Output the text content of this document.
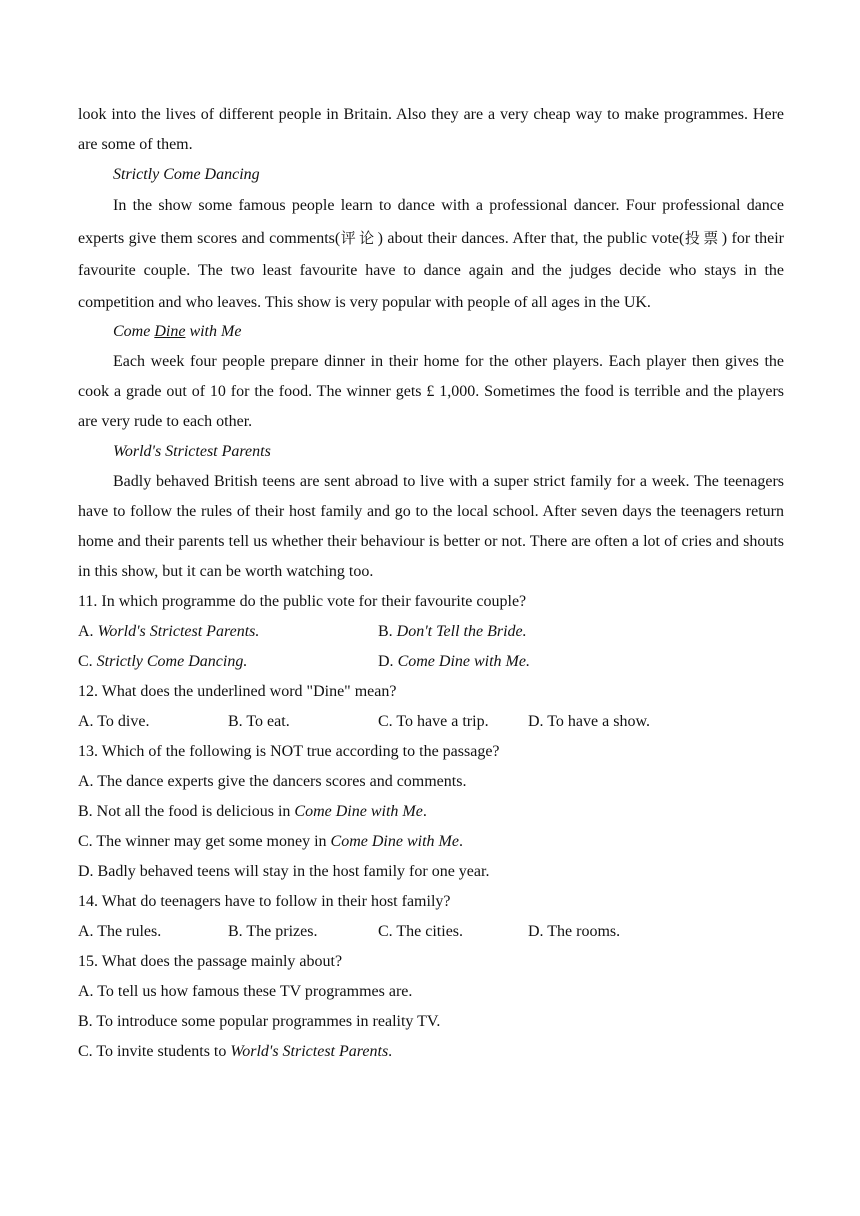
look into the lives of different people in Britain. Also they are a very cheap way to make programmes. Here are some of them.

Strictly Come Dancing

In the show some famous people learn to dance with a professional dancer. Four professional dance experts give them scores and comments(评论) about their dances. After that, the public vote(投票) for their favourite couple. The two least favourite have to dance again and the judges decide who stays in the competition and who leaves. This show is very popular with people of all ages in the UK.

Come Dine with Me

Each week four people prepare dinner in their home for the other players. Each player then gives the cook a grade out of 10 for the food. The winner gets £ 1,000. Sometimes the food is terrible and the players are very rude to each other.

World's Strictest Parents

Badly behaved British teens are sent abroad to live with a super strict family for a week. The teenagers have to follow the rules of their host family and go to the local school. After seven days the teenagers return home and their parents tell us whether their behaviour is better or not. There are often a lot of cries and shouts in this show, but it can be worth watching too.

11. In which programme do the public vote for their favourite couple?

A. World's Strictest Parents.	B. Don't Tell the Bride.
C. Strictly Come Dancing.	D. Come Dine with Me.

12. What does the underlined word "Dine" mean?

A. To dive.	B. To eat.	C. To have a trip.	D. To have a show.

13. Which of the following is NOT true according to the passage?

A. The dance experts give the dancers scores and comments.

B. Not all the food is delicious in Come Dine with Me.

C. The winner may get some money in Come Dine with Me.

D. Badly behaved teens will stay in the host family for one year.

14. What do teenagers have to follow in their host family?

A. The rules.	B. The prizes.	C. The cities.	D. The rooms.

15. What does the passage mainly about?

A. To tell us how famous these TV programmes are.

B. To introduce some popular programmes in reality TV.

C. To invite students to World's Strictest Parents.
